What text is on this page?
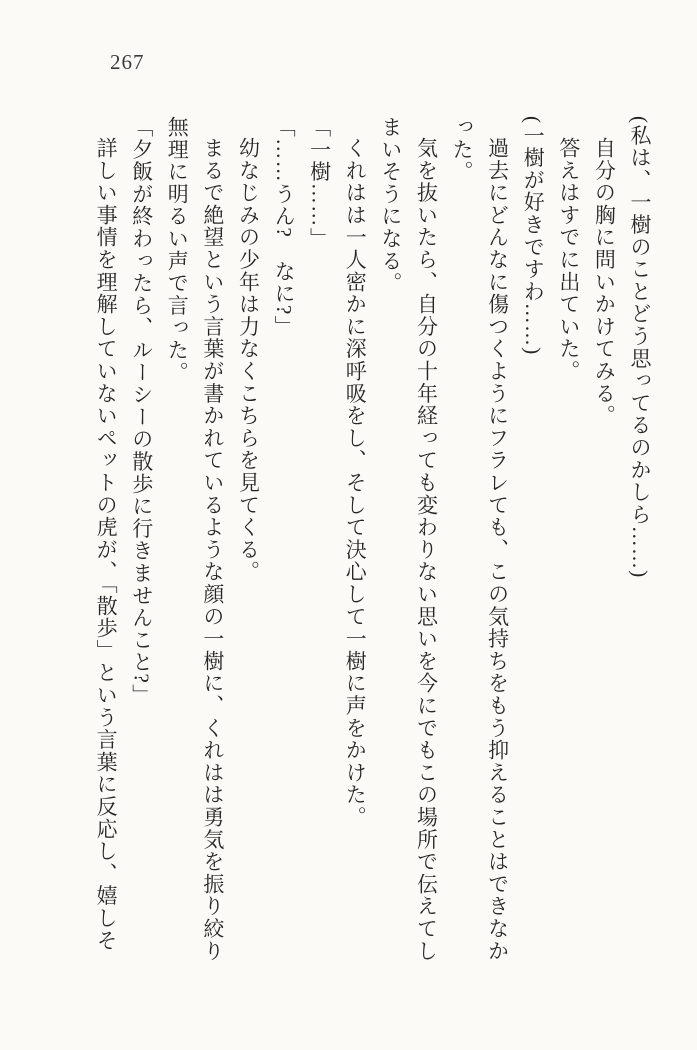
267

(私は、一樹のことどう思ってるのかしら……)

自分の胸に問いかけてみる。

答えはすでに出ていた。

(一樹が好きですわ……)

過去にどんなに傷つくようにフラレても、この気持ちをもう抑えることはできなかった。

気を抜いたら、自分の十年経っても変わりない思いを今にでもこの場所で伝えてしまいそうになる。

くれはは一人密かに深呼吸をし、そして決心して一樹に声をかけた。

「一樹……」

「……うん?　なに?」

幼なじみの少年は力なくこちらを見てくる。

まるで絶望という言葉が書かれているような顔の一樹に、くれはは勇気を振り絞り無理に明るい声で言った。

「夕飯が終わったら、ルーシーの散歩に行きませんこと?」

詳しい事情を理解していないペットの虎が、「散歩」という言葉に反応し、嬉しそ
